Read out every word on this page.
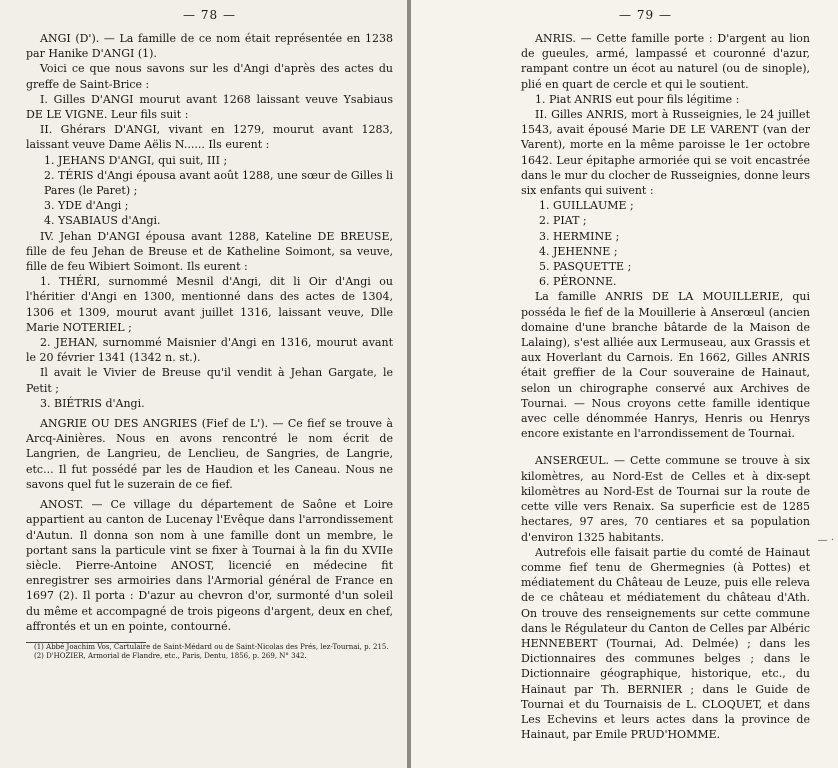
— 78 —

ANGI (D'). — La famille de ce nom était représentée en 1238 par Hanike D'ANGI (1).

Voici ce que nous savons sur les d'Angi d'après des actes du greffe de Saint-Brice :

I. Gilles D'ANGI mourut avant 1268 laissant veuve Ysabiaus DE LE VIGNE. Leur fils suit :

II. Ghérars D'ANGI, vivant en 1279, mourut avant 1283, laissant veuve Dame Aëlis N...... Ils eurent :

1. JEHANS D'ANGI, qui suit, III ;

2. TÉRIS d'Angi épousa avant août 1288, une sœur de Gilles li Pares (le Paret) ;

3. YDE d'Angi ;

4. YSABIAUS d'Angi.

IV. Jehan D'ANGI épousa avant 1288, Kateline DE BREUSE, fille de feu Jehan de Breuse et de Katheline Soimont, sa veuve, fille de feu Wibiert Soimont. Ils eurent :

1. THÉRI, surnommé Mesnil d'Angi, dit li Oir d'Angi ou l'héritier d'Angi en 1300, mentionné dans des actes de 1304, 1306 et 1309, mourut avant juillet 1316, laissant veuve, Dlle Marie NOTERIEL ;

2. JEHAN, surnommé Maisnier d'Angi en 1316, mourut avant le 20 février 1341 (1342 n. st.).

Il avait le Vivier de Breuse qu'il vendit à Jehan Gargate, le Petit ;

3. BIÉTRIS d'Angi.

ANGRIE OU DES ANGRIES (Fief de L'). — Ce fief se trouve à Arcq-Ainières. Nous en avons rencontré le nom écrit de Langrien, de Langrieu, de Lenclieu, de Sangries, de Langrie, etc... Il fut possédé par les de Haudion et les Caneau. Nous ne savons quel fut le suzerain de ce fief.

ANOST. — Ce village du département de Saône et Loire appartient au canton de Lucenay l'Evêque dans l'arrondissement d'Autun. Il donna son nom à une famille dont un membre, le portant sans la particule vint se fixer à Tournai à la fin du XVIIe siècle. Pierre-Antoine ANOST, licencié en médecine fit enregistrer ses armoiries dans l'Armorial général de France en 1697 (2). Il porta : D'azur au chevron d'or, surmonté d'un soleil du même et accompagné de trois pigeons d'argent, deux en chef, affrontés et un en pointe, contourné.

(1) Abbé Joachim Vos, Cartulaire de Saint-Médard ou de Saint-Nicolas des Prés, lez-Tournai, p. 215.

(2) D'HOZIER, Armorial de Flandre, etc., Paris, Dentu, 1856, p. 269, N° 342.

— 79 —

ANRIS. — Cette famille porte : D'argent au lion de gueules, armé, lampassé et couronné d'azur, rampant contre un écot au naturel (ou de sinople), plié en quart de cercle et qui le soutient.

1. Piat ANRIS eut pour fils légitime :

II. Gilles ANRIS, mort à Russeignies, le 24 juillet 1543, avait épousé Marie DE LE VARENT (van der Varent), morte en la même paroisse le 1er octobre 1642. Leur épitaphe armoriée qui se voit encastrée dans le mur du clocher de Russeignies, donne leurs six enfants qui suivent :

1. GUILLAUME ;

2. PIAT ;

3. HERMINE ;

4. JEHENNE ;

5. PASQUETTE ;

6. PÉRONNE.

La famille ANRIS DE LA MOUILLERIE, qui posséda le fief de la Mouillerie à Anserœul (ancien domaine d'une branche bâtarde de la Maison de Lalaing), s'est alliée aux Lermuseau, aux Grassis et aux Hoverlant du Carnois. En 1662, Gilles ANRIS était greffier de la Cour souveraine de Hainaut, selon un chirographe conservé aux Archives de Tournai. — Nous croyons cette famille identique avec celle dénommée Hanrys, Henris ou Henrys encore existante en l'arrondissement de Tournai.

ANSERŒUL. — Cette commune se trouve à six kilomètres, au Nord-Est de Celles et à dix-sept kilomètres au Nord-Est de Tournai sur la route de cette ville vers Renaix. Sa superficie est de 1285 hectares, 97 ares, 70 centiares et sa population d'environ 1325 habitants.

Autrefois elle faisait partie du comté de Hainaut comme fief tenu de Ghermegnies (à Pottes) et médiatement du Château de Leuze, puis elle releva de ce château et médiatement du château d'Ath. On trouve des renseignements sur cette commune dans le Régulateur du Canton de Celles par Albéric HENNEBERT (Tournai, Ad. Delmée) ; dans les Dictionnaires des communes belges ; dans le Dictionnaire géographique, historique, etc., du Hainaut par Th. BERNIER ; dans le Guide de Tournai et du Tournaisis de L. CLOQUET, et dans Les Echevins et leurs actes dans la province de Hainaut, par Emile PRUD'HOMME.

— ·
